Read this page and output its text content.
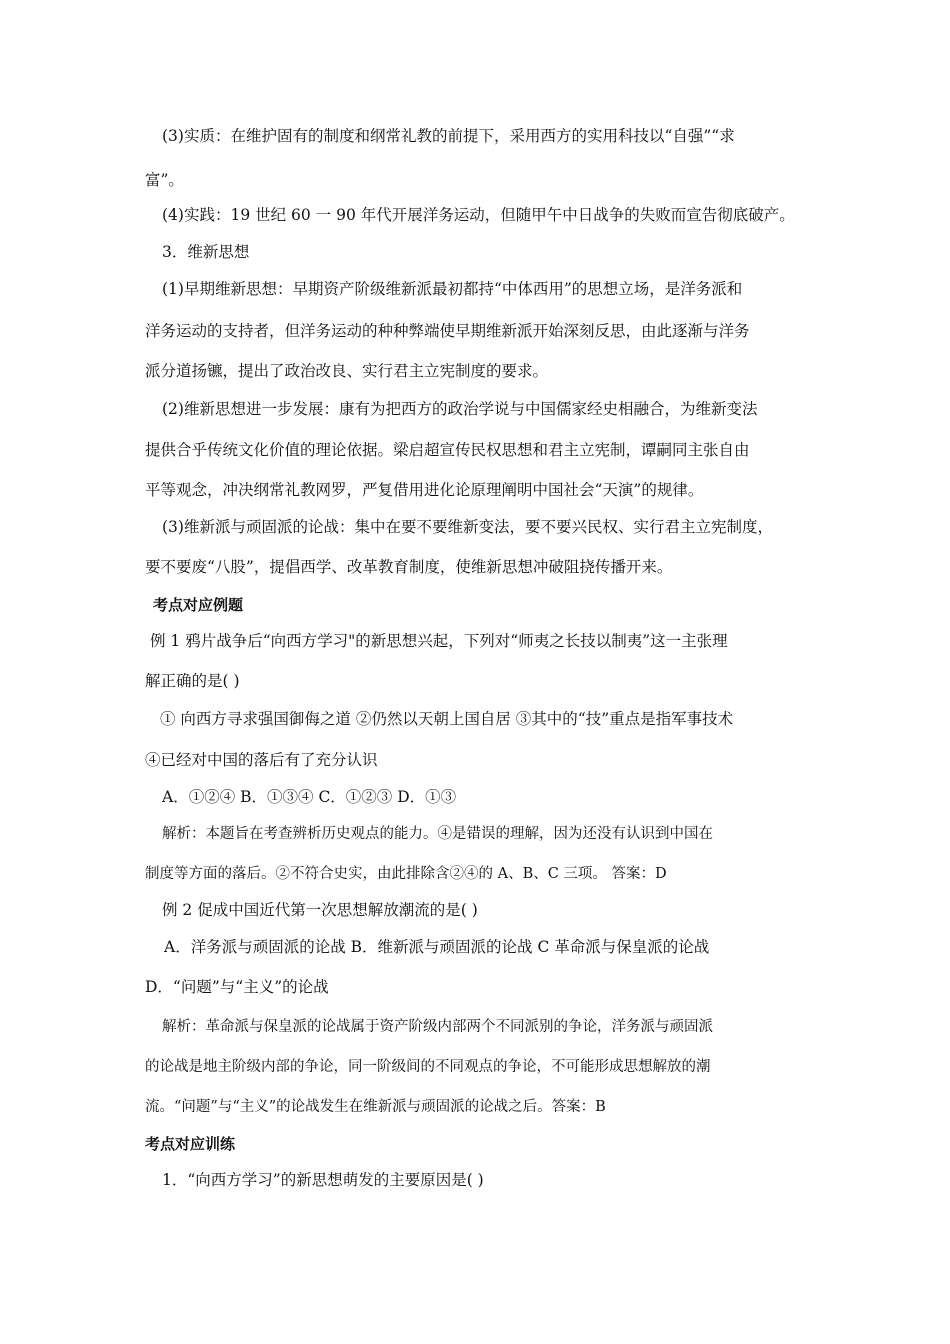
(3)实质：在维护固有的制度和纲常礼教的前提下，采用西方的实用科技以“自强”“求
富”。
(4)实践：19 世纪 60 一 90 年代开展洋务运动，但随甲午中日战争的失败而宣告彻底破产。
3．维新思想
(1)早期维新思想：早期资产阶级维新派最初都持“中体西用”的思想立场，是洋务派和
洋务运动的支持者，但洋务运动的种种弊端使早期维新派开始深刻反思，由此逐渐与洋务
派分道扬镳，提出了政治改良、实行君主立宪制度的要求。
(2)维新思想进一步发展：康有为把西方的政治学说与中国儒家经史相融合，为维新变法
提供合乎传统文化价值的理论依据。梁启超宣传民权思想和君主立宪制，谭嗣同主张自由
平等观念，冲决纲常礼教网罗，严复借用进化论原理阐明中国社会“天演”的规律。
(3)维新派与顽固派的论战：集中在要不要维新变法，要不要兴民权、实行君主立宪制度，
要不要废“八股”，提倡西学、改革教育制度，使维新思想冲破阻挠传播开来。
考点对应例题
例 1 鸦片战争后“向西方学习"的新思想兴起，下列对“师夷之长技以制夷”这一主张理
解正确的是( )
① 向西方寻求强国御侮之道 ②仍然以天朝上国自居 ③其中的“技”重点是指军事技术
④已经对中国的落后有了充分认识
A．①②④ B．①③④ C．①②③ D．①③
解析：本题旨在考查辨析历史观点的能力。④是错误的理解，因为还没有认识到中国在
制度等方面的落后。②不符合史实，由此排除含②④的 A、B、C 三项。 答案：D
例 2 促成中国近代第一次思想解放潮流的是( )
A．洋务派与顽固派的论战 B．维新派与顽固派的论战 C 革命派与保皇派的论战
D．“问题”与“主义”的论战
解析：革命派与保皇派的论战属于资产阶级内部两个不同派别的争论，洋务派与顽固派
的论战是地主阶级内部的争论，同一阶级间的不同观点的争论，不可能形成思想解放的潮
流。“问题”与“主义”的论战发生在维新派与顽固派的论战之后。答案：B
考点对应训练
1．“向西方学习”的新思想萌发的主要原因是( )
